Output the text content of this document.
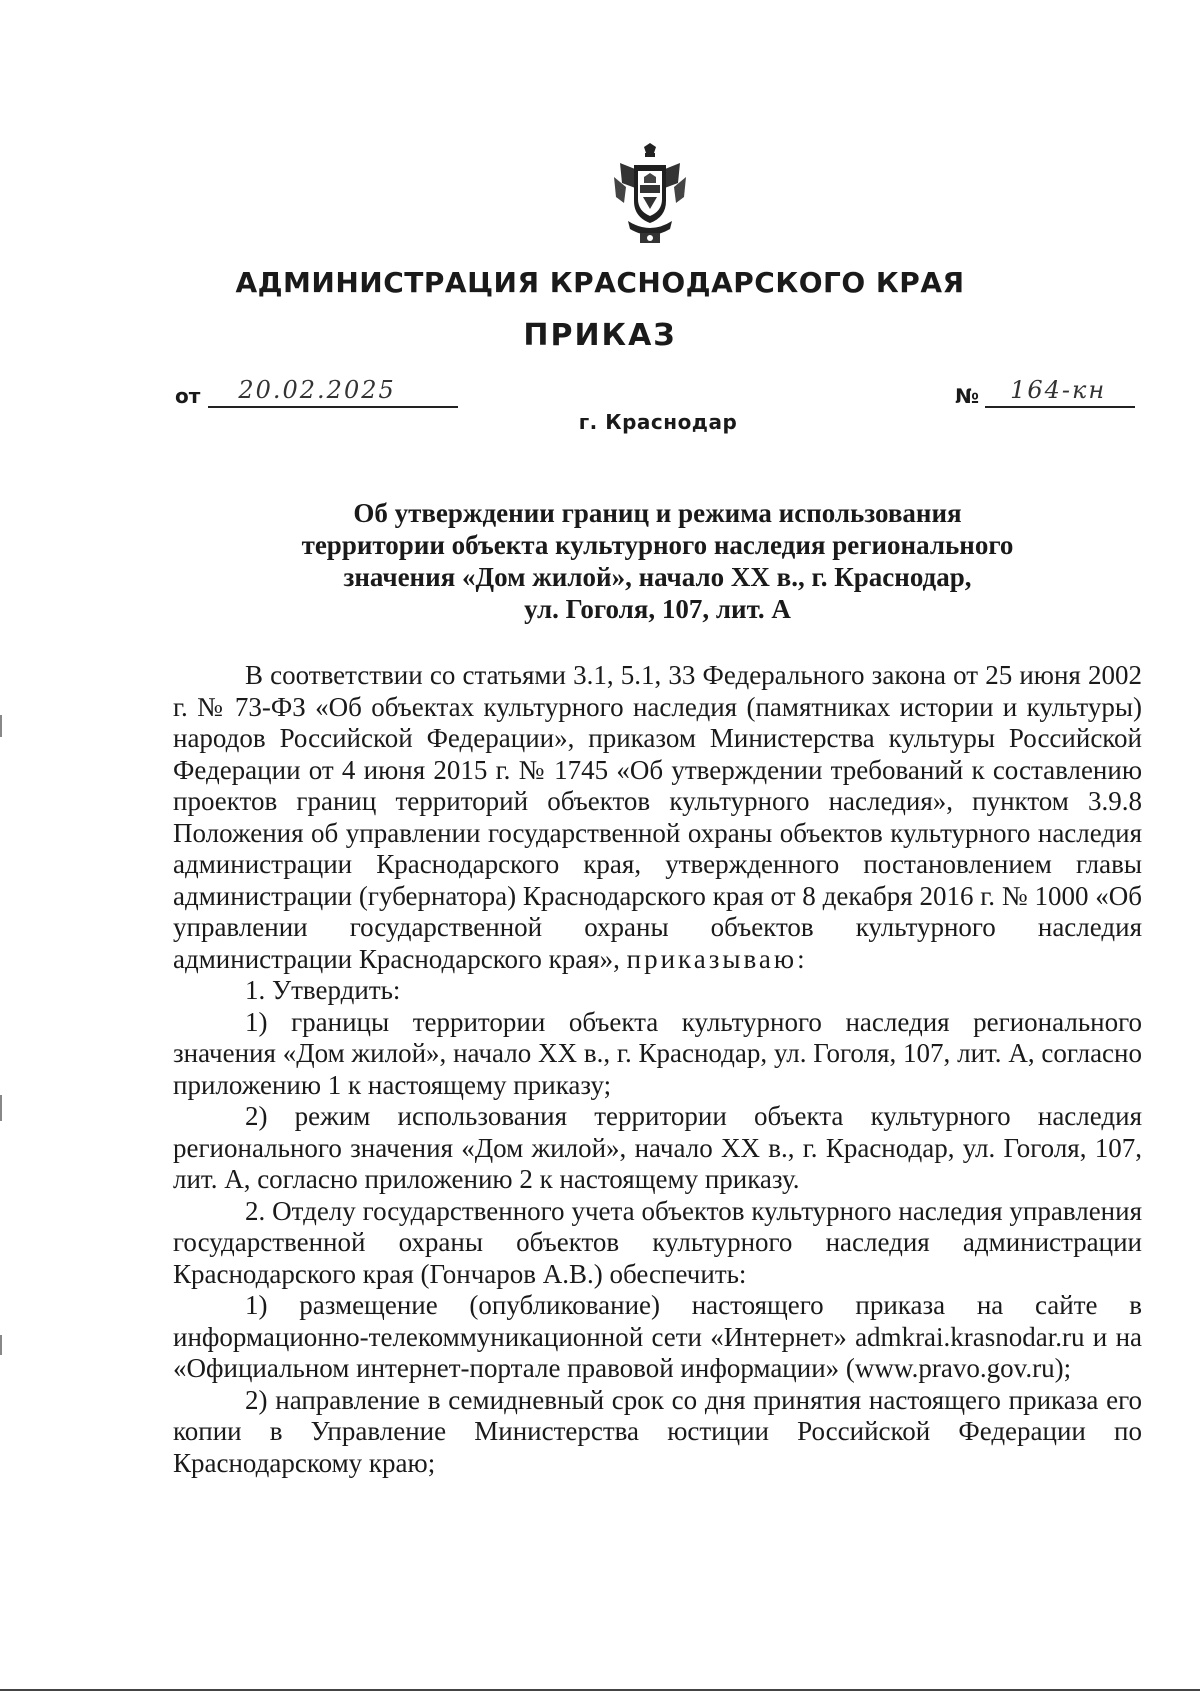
АДМИНИСТРАЦИЯ КРАСНОДАРСКОГО КРАЯ
ПРИКАЗ
от 20.02.2025	№ 164-кн
г. Краснодар
Об утверждении границ и режима использования
территории объекта культурного наследия регионального
значения «Дом жилой», начало XX в., г. Краснодар,
ул. Гоголя, 107, лит. А

В соответствии со статьями 3.1, 5.1, 33 Федерального закона от 25 июня 2002 г. № 73-ФЗ «Об объектах культурного наследия (памятниках истории и культуры) народов Российской Федерации», приказом Министерства культуры Российской Федерации от 4 июня 2015 г. № 1745 «Об утверждении требований к составлению проектов границ территорий объектов культурного наследия», пунктом 3.9.8 Положения об управлении государственной охраны объектов культурного наследия администрации Краснодарского края, утвержденного постановлением главы администрации (губернатора) Краснодарского края от 8 декабря 2016 г. № 1000 «Об управлении государственной охраны объектов культурного наследия администрации Краснодарского края», приказываю:

1. Утвердить:

1) границы территории объекта культурного наследия регионального значения «Дом жилой», начало XX в., г. Краснодар, ул. Гоголя, 107, лит. А, согласно приложению 1 к настоящему приказу;

2) режим использования территории объекта культурного наследия регионального значения «Дом жилой», начало XX в., г. Краснодар, ул. Гоголя, 107, лит. А, согласно приложению 2 к настоящему приказу.

2. Отделу государственного учета объектов культурного наследия управления государственной охраны объектов культурного наследия администрации Краснодарского края (Гончаров А.В.) обеспечить:

1) размещение (опубликование) настоящего приказа на сайте в информационно-телекоммуникационной сети «Интернет» admkrai.krasnodar.ru и на «Официальном интернет-портале правовой информации» (www.pravo.gov.ru);

2) направление в семидневный срок со дня принятия настоящего приказа его копии в Управление Министерства юстиции Российской Федерации по Краснодарскому краю;
